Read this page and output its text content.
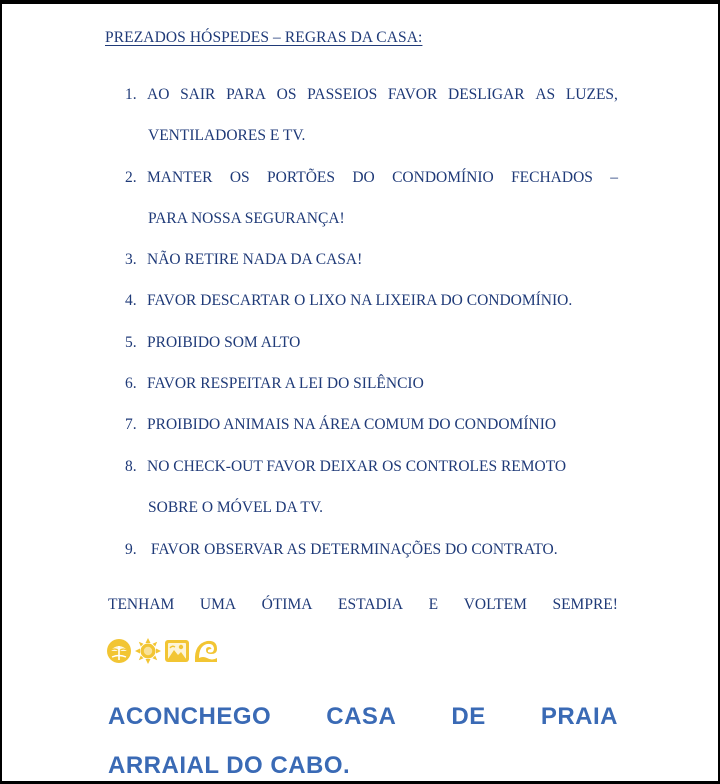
PREZADOS HÓSPEDES – REGRAS DA CASA:
1. AO SAIR PARA OS PASSEIOS FAVOR DESLIGAR AS LUZES,
VENTILADORES E TV.
2. MANTER OS PORTÕES DO CONDOMÍNIO FECHADOS –
PARA NOSSA SEGURANÇA!
3. NÃO RETIRE NADA DA CASA!
4. FAVOR DESCARTAR O LIXO NA LIXEIRA DO CONDOMÍNIO.
5. PROIBIDO SOM ALTO
6. FAVOR RESPEITAR A LEI DO SILÊNCIO
7. PROIBIDO ANIMAIS NA ÁREA COMUM DO CONDOMÍNIO
8. NO CHECK-OUT FAVOR DEIXAR OS CONTROLES REMOTO
SOBRE O MÓVEL DA TV.
9. FAVOR OBSERVAR AS DETERMINAÇÕES DO CONTRATO.
TENHAM UMA ÓTIMA ESTADIA E VOLTEM SEMPRE!
ACONCHEGO CASA DE PRAIA
ARRAIAL DO CABO.
